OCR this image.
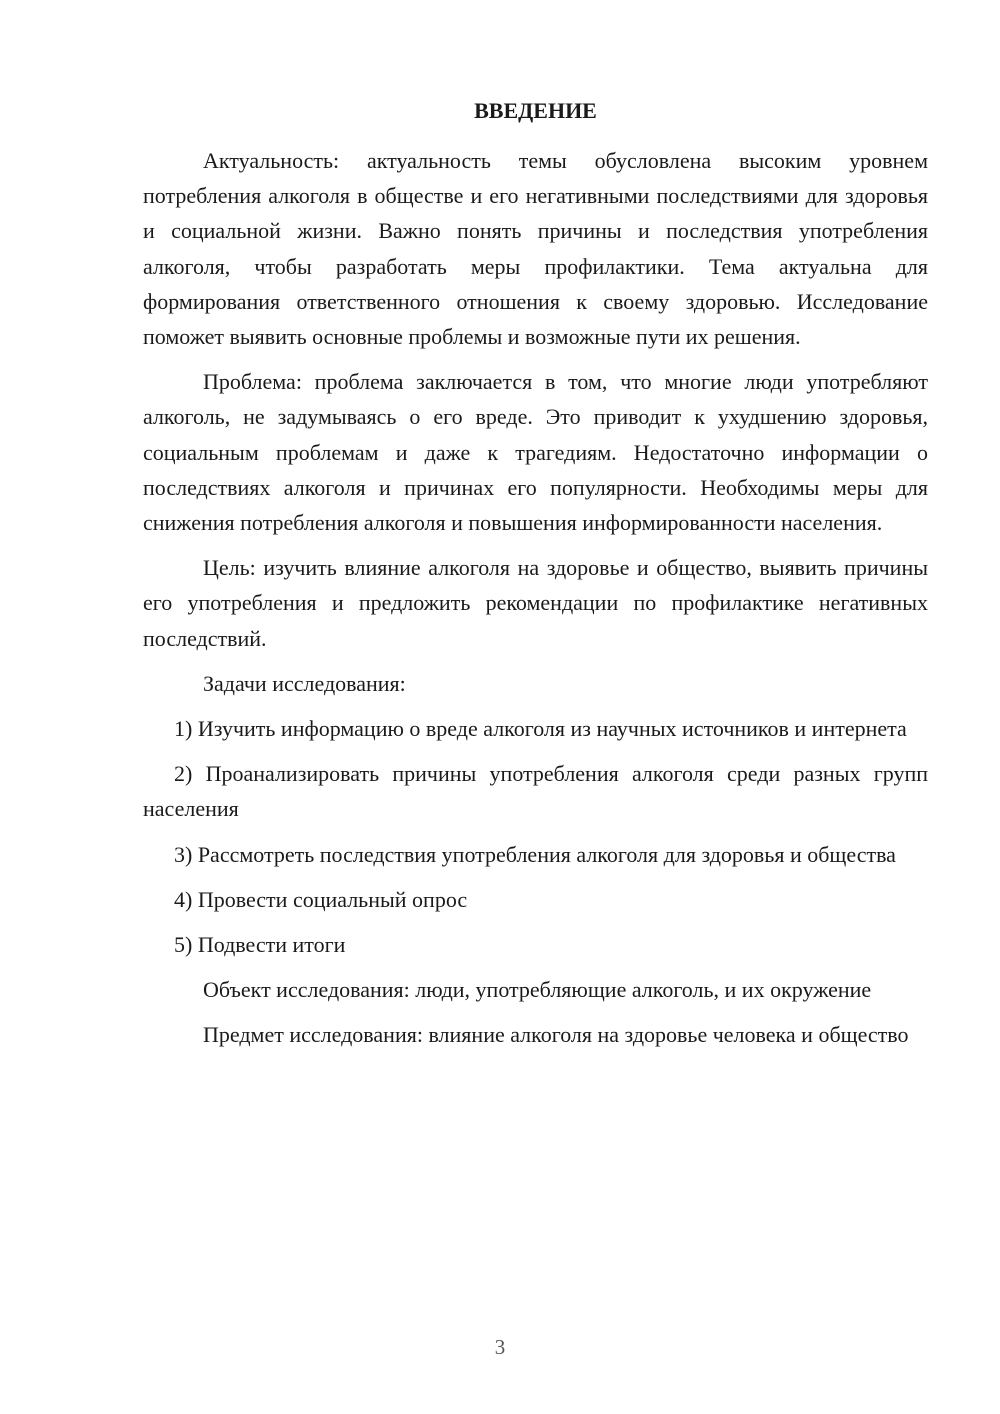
ВВЕДЕНИЕ

Актуальность: актуальность темы обусловлена высоким уровнем потребления алкоголя в обществе и его негативными последствиями для здоровья и социальной жизни. Важно понять причины и последствия употребления алкоголя, чтобы разработать меры профилактики. Тема актуальна для формирования ответственного отношения к своему здоровью. Исследование поможет выявить основные проблемы и возможные пути их решения.

Проблема: проблема заключается в том, что многие люди употребляют алкоголь, не задумываясь о его вреде. Это приводит к ухудшению здоровья, социальным проблемам и даже к трагедиям. Недостаточно информации о последствиях алкоголя и причинах его популярности. Необходимы меры для снижения потребления алкоголя и повышения информированности населения.

Цель: изучить влияние алкоголя на здоровье и общество, выявить причины его употребления и предложить рекомендации по профилактике негативных последствий.

Задачи исследования:

1) Изучить информацию о вреде алкоголя из научных источников и интернета

2) Проанализировать причины употребления алкоголя среди разных групп населения

3) Рассмотреть последствия употребления алкоголя для здоровья и общества

4) Провести социальный опрос

5) Подвести итоги

Объект исследования: люди, употребляющие алкоголь, и их окружение

Предмет исследования: влияние алкоголя на здоровье человека и общество

3
